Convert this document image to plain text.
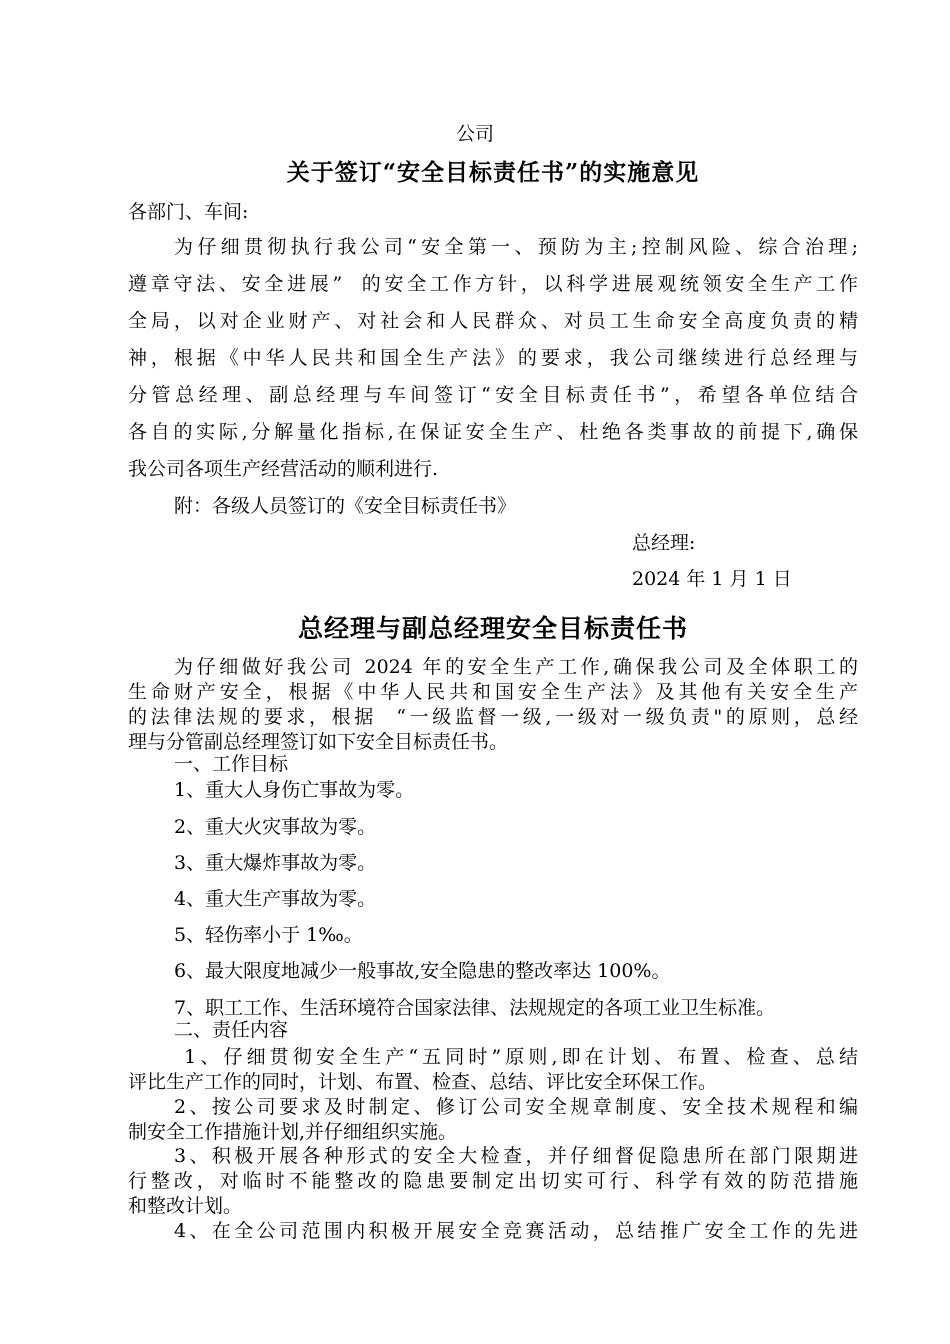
公司
关于签订“安全目标责任书”的实施意见
各部门、车间:
为仔细贯彻执行我公司“安全第一、预防为主;控制风险、综合治理;
遵章守法、安全进展”  的安全工作方针，以科学进展观统领安全生产工作
全局，以对企业财产、对社会和人民群众、对员工生命安全高度负责的精
神，根据《中华人民共和国全生产法》的要求，我公司继续进行总经理与
分管总经理、副总经理与车间签订“安全目标责任书”，希望各单位结合
各自的实际,分解量化指标,在保证安全生产、杜绝各类事故的前提下,确保
我公司各项生产经营活动的顺利进行.
附：各级人员签订的《安全目标责任书》
总经理:
2024 年 1 月 1 日
总经理与副总经理安全目标责任书
为仔细做好我公司 2024 年的安全生产工作,确保我公司及全体职工的
生命财产安全，根据《中华人民共和国安全生产法》及其他有关安全生产
的法律法规的要求，根据  “一级监督一级,一级对一级负责"的原则，总经
理与分管副总经理签订如下安全目标责任书。
一、工作目标
1、重大人身伤亡事故为零。
2、重大火灾事故为零。
3、重大爆炸事故为零。
4、重大生产事故为零。
5、轻伤率小于 1‰。
6、最大限度地减少一般事故,安全隐患的整改率达 100%。
7、职工工作、生活环境符合国家法律、法规规定的各项工业卫生标准。
二、责任内容
1、仔细贯彻安全生产“五同时”原则,即在计划、布置、检查、总结
评比生产工作的同时，计划、布置、检查、总结、评比安全环保工作。
2、按公司要求及时制定、修订公司安全规章制度、安全技术规程和编
制安全工作措施计划,并仔细组织实施。
3、积极开展各种形式的安全大检查，并仔细督促隐患所在部门限期进
行整改，对临时不能整改的隐患要制定出切实可行、科学有效的防范措施
和整改计划。
4、在全公司范围内积极开展安全竞赛活动，总结推广安全工作的先进
